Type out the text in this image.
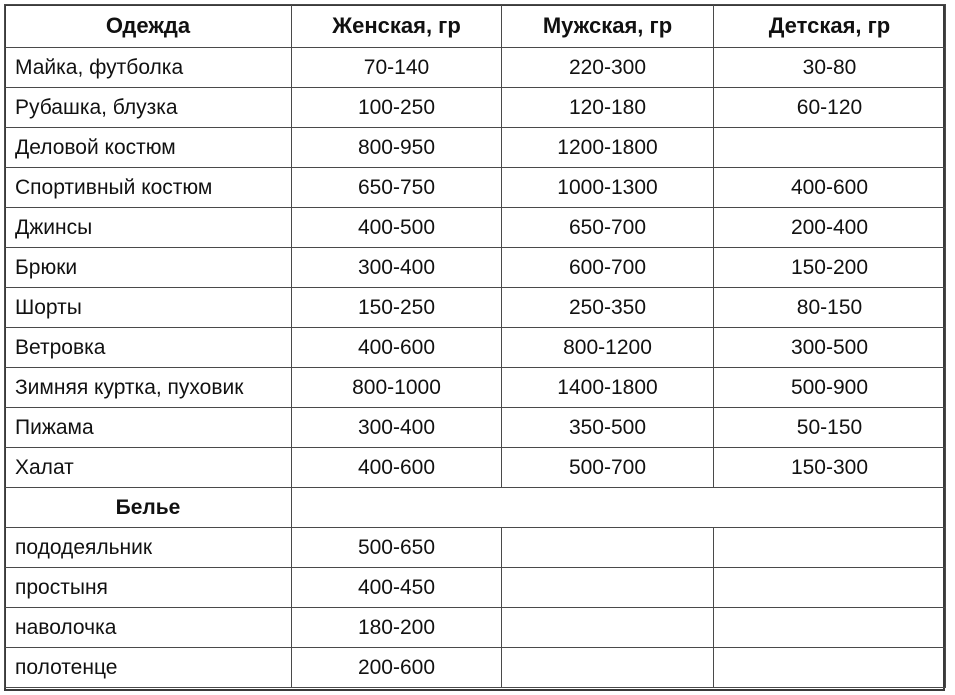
Одежда	Женская, гр	Мужская, гр	Детская, гр
Майка, футболка	70-140	220-300	30-80
Рубашка, блузка	100-250	120-180	60-120
Деловой костюм	800-950	1200-1800	
Спортивный костюм	650-750	1000-1300	400-600
Джинсы	400-500	650-700	200-400
Брюки	300-400	600-700	150-200
Шорты	150-250	250-350	80-150
Ветровка	400-600	800-1200	300-500
Зимняя куртка, пуховик	800-1000	1400-1800	500-900
Пижама	300-400	350-500	50-150
Халат	400-600	500-700	150-300
Белье			
пододеяльник	500-650		
простыня	400-450		
наволочка	180-200		
полотенце	200-600		
